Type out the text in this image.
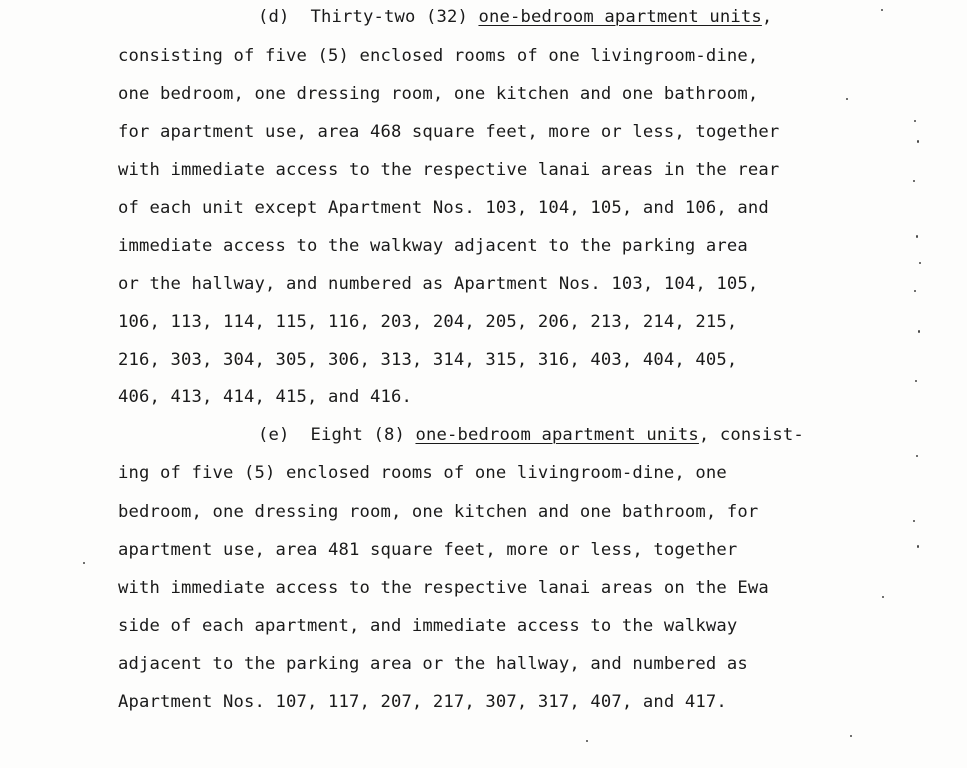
(d)  Thirty-two (32) one-bedroom apartment units,
consisting of five (5) enclosed rooms of one livingroom-dine,
one bedroom, one dressing room, one kitchen and one bathroom,
for apartment use, area 468 square feet, more or less, together
with immediate access to the respective lanai areas in the rear
of each unit except Apartment Nos. 103, 104, 105, and 106, and
immediate access to the walkway adjacent to the parking area
or the hallway, and numbered as Apartment Nos. 103, 104, 105,
106, 113, 114, 115, 116, 203, 204, 205, 206, 213, 214, 215,
216, 303, 304, 305, 306, 313, 314, 315, 316, 403, 404, 405,
406, 413, 414, 415, and 416.
(e)  Eight (8) one-bedroom apartment units, consist-
ing of five (5) enclosed rooms of one livingroom-dine, one
bedroom, one dressing room, one kitchen and one bathroom, for
apartment use, area 481 square feet, more or less, together
with immediate access to the respective lanai areas on the Ewa
side of each apartment, and immediate access to the walkway
adjacent to the parking area or the hallway, and numbered as
Apartment Nos. 107, 117, 207, 217, 307, 317, 407, and 417.
